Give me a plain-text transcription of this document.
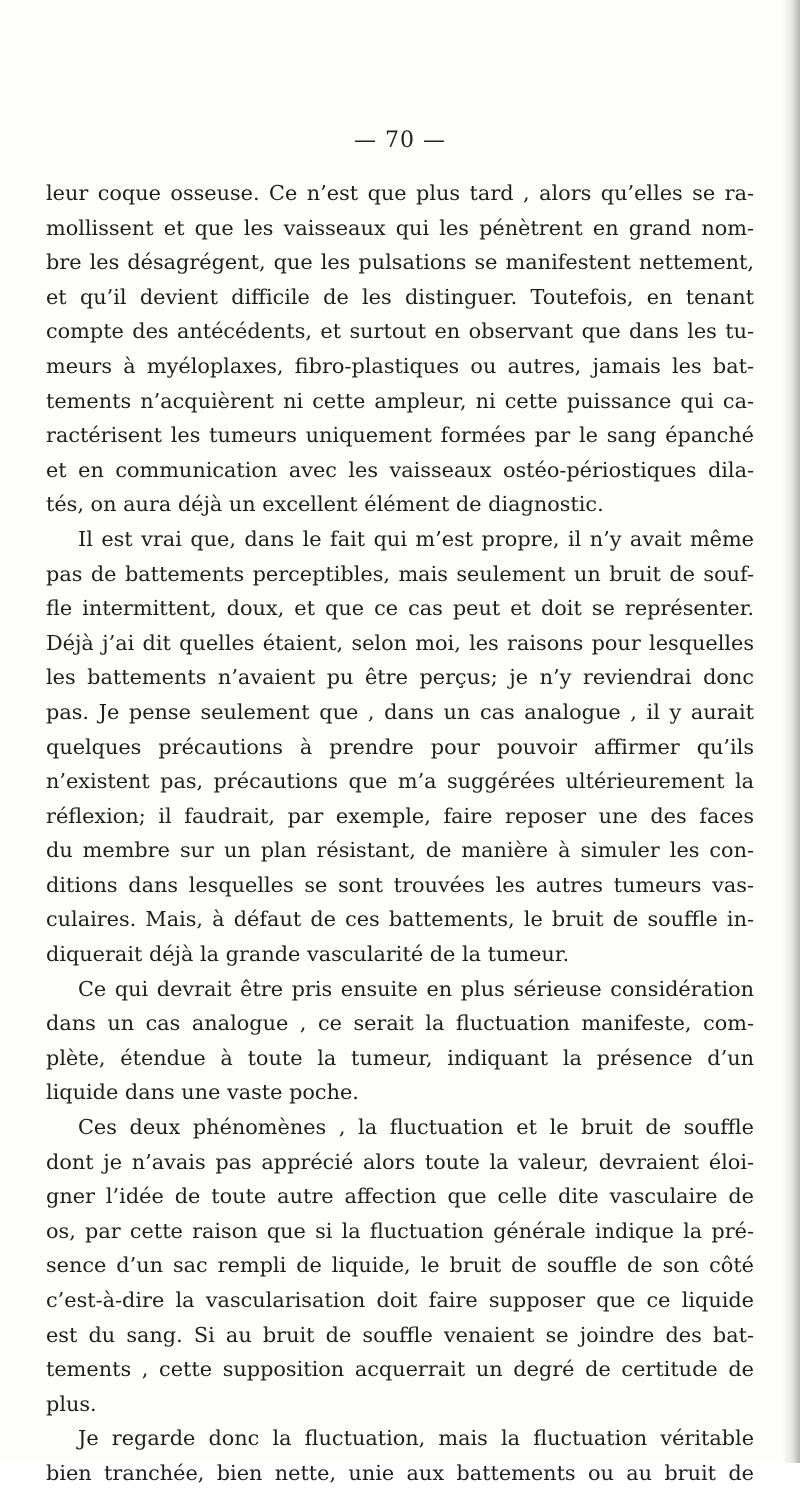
— 70 —
leur coque osseuse. Ce n’est que plus tard , alors qu’elles se ra-
mollissent et que les vaisseaux qui les pénètrent en grand nom-
bre les désagrégent, que les pulsations se manifestent nettement,
et qu’il devient difficile de les distinguer. Toutefois, en tenant
compte des antécédents, et surtout en observant que dans les tu-
meurs à myéloplaxes, fibro-plastiques ou autres, jamais les bat-
tements n’acquièrent ni cette ampleur, ni cette puissance qui ca-
ractérisent les tumeurs uniquement formées par le sang épanché
et en communication avec les vaisseaux ostéo-périostiques dila-
tés, on aura déjà un excellent élément de diagnostic.
Il est vrai que, dans le fait qui m’est propre, il n’y avait même
pas de battements perceptibles, mais seulement un bruit de souf-
fle intermittent, doux, et que ce cas peut et doit se représenter.
Déjà j’ai dit quelles étaient, selon moi, les raisons pour lesquelles
les battements n’avaient pu être perçus; je n’y reviendrai donc
pas. Je pense seulement que , dans un cas analogue , il y aurait
quelques précautions à prendre pour pouvoir affirmer qu’ils
n’existent pas, précautions que m’a suggérées ultérieurement la
réflexion; il faudrait, par exemple, faire reposer une des faces
du membre sur un plan résistant, de manière à simuler les con-
ditions dans lesquelles se sont trouvées les autres tumeurs vas-
culaires. Mais, à défaut de ces battements, le bruit de souffle in-
diquerait déjà la grande vascularité de la tumeur.
Ce qui devrait être pris ensuite en plus sérieuse considération
dans un cas analogue , ce serait la fluctuation manifeste, com-
plète, étendue à toute la tumeur, indiquant la présence d’un
liquide dans une vaste poche.
Ces deux phénomènes , la fluctuation et le bruit de souffle
dont je n’avais pas apprécié alors toute la valeur, devraient éloi-
gner l’idée de toute autre affection que celle dite vasculaire de
os, par cette raison que si la fluctuation générale indique la pré-
sence d’un sac rempli de liquide, le bruit de souffle de son côté
c’est-à-dire la vascularisation doit faire supposer que ce liquide
est du sang. Si au bruit de souffle venaient se joindre des bat-
tements , cette supposition acquerrait un degré de certitude de
plus.
Je regarde donc la fluctuation, mais la fluctuation véritable
bien tranchée, bien nette, unie aux battements ou au bruit de
